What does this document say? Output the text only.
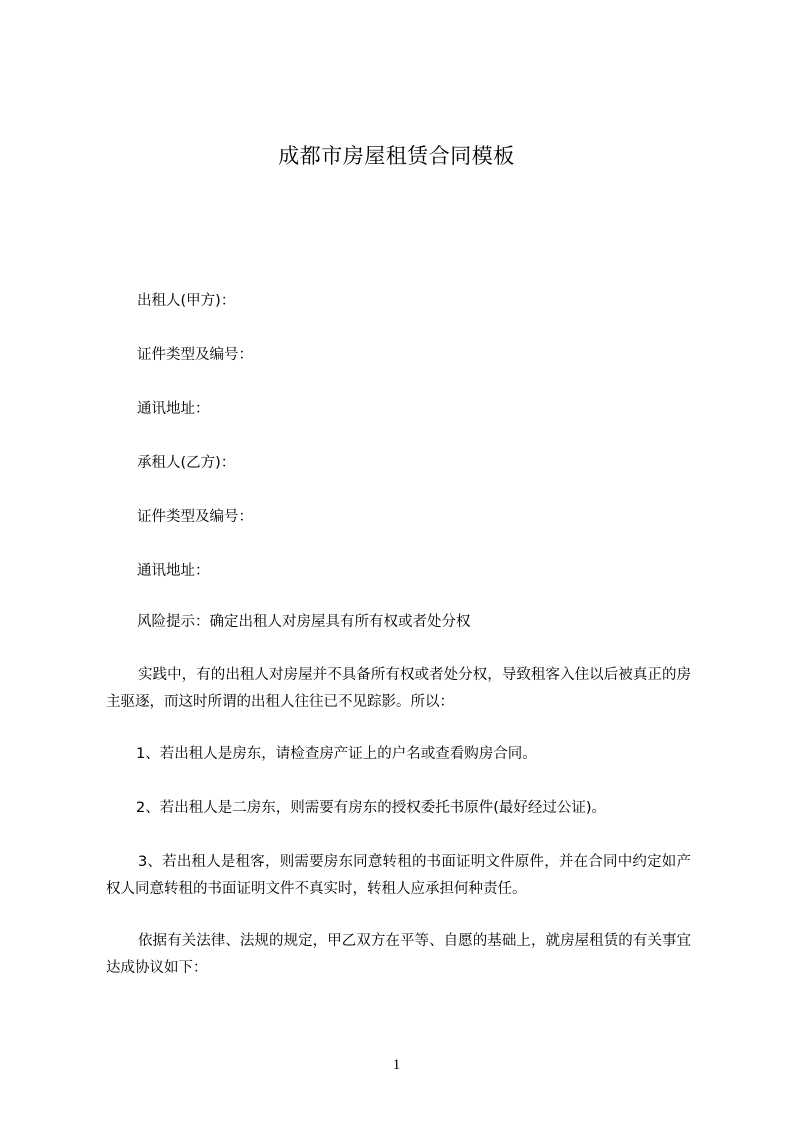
成都市房屋租赁合同模板
出租人(甲方)：
证件类型及编号：
通讯地址：
承租人(乙方)：
证件类型及编号：
通讯地址：
风险提示：确定出租人对房屋具有所有权或者处分权
实践中，有的出租人对房屋并不具备所有权或者处分权，导致租客入住以后被真正的房主驱逐，而这时所谓的出租人往往已不见踪影。所以：
1、若出租人是房东，请检查房产证上的户名或查看购房合同。
2、若出租人是二房东，则需要有房东的授权委托书原件(最好经过公证)。
3、若出租人是租客，则需要房东同意转租的书面证明文件原件，并在合同中约定如产权人同意转租的书面证明文件不真实时，转租人应承担何种责任。
依据有关法律、法规的规定，甲乙双方在平等、自愿的基础上，就房屋租赁的有关事宜达成协议如下：
1
